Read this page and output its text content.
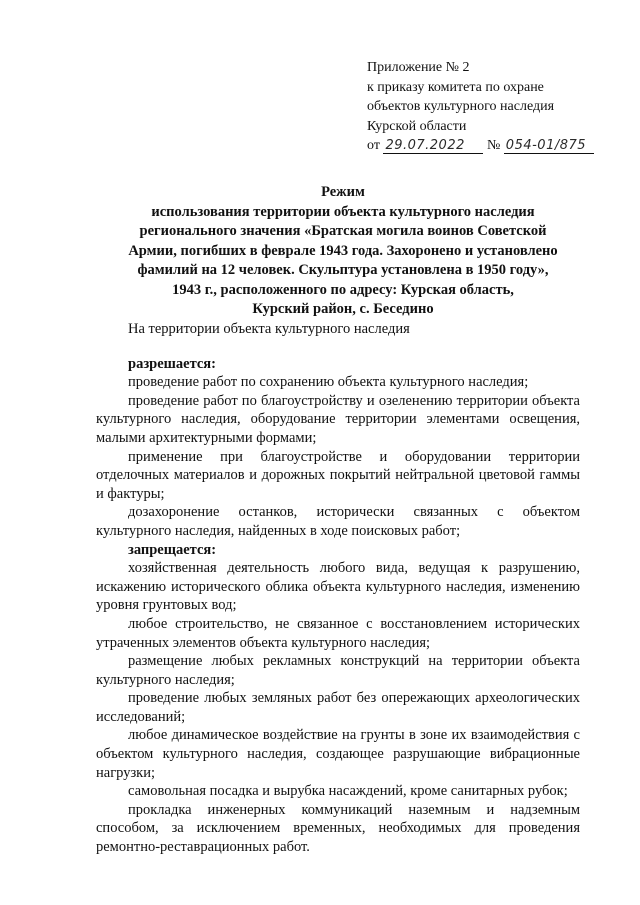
Приложение № 2
к приказу комитета по охране
объектов культурного наследия
Курской области
от 29.07.2022 № 054-01/875
Режим
использования территории объекта культурного наследия
регионального значения «Братская могила воинов Советской
Армии, погибших в феврале 1943 года. Захоронено и установлено
фамилий на 12 человек. Скульптура установлена в 1950 году»,
1943 г., расположенного по адресу: Курская область,
Курский район, с. Беседино
На территории объекта культурного наследия
разрешается:

проведение работ по сохранению объекта культурного наследия;

проведение работ по благоустройству и озеленению территории объекта культурного наследия, оборудование территории элементами освещения, малыми архитектурными формами;

применение при благоустройстве и оборудовании территории отделочных материалов и дорожных покрытий нейтральной цветовой гаммы и фактуры;

дозахоронение останков, исторически связанных с объектом культурного наследия, найденных в ходе поисковых работ;

запрещается:

хозяйственная деятельность любого вида, ведущая к разрушению, искажению исторического облика объекта культурного наследия, изменению уровня грунтовых вод;

любое строительство, не связанное с восстановлением исторических утраченных элементов объекта культурного наследия;

размещение любых рекламных конструкций на территории объекта культурного наследия;

проведение любых земляных работ без опережающих археологических исследований;

любое динамическое воздействие на грунты в зоне их взаимодействия с объектом культурного наследия, создающее разрушающие вибрационные нагрузки;

самовольная посадка и вырубка насаждений, кроме санитарных рубок;

прокладка инженерных коммуникаций наземным и надземным способом, за исключением временных, необходимых для проведения ремонтно-реставрационных работ.
